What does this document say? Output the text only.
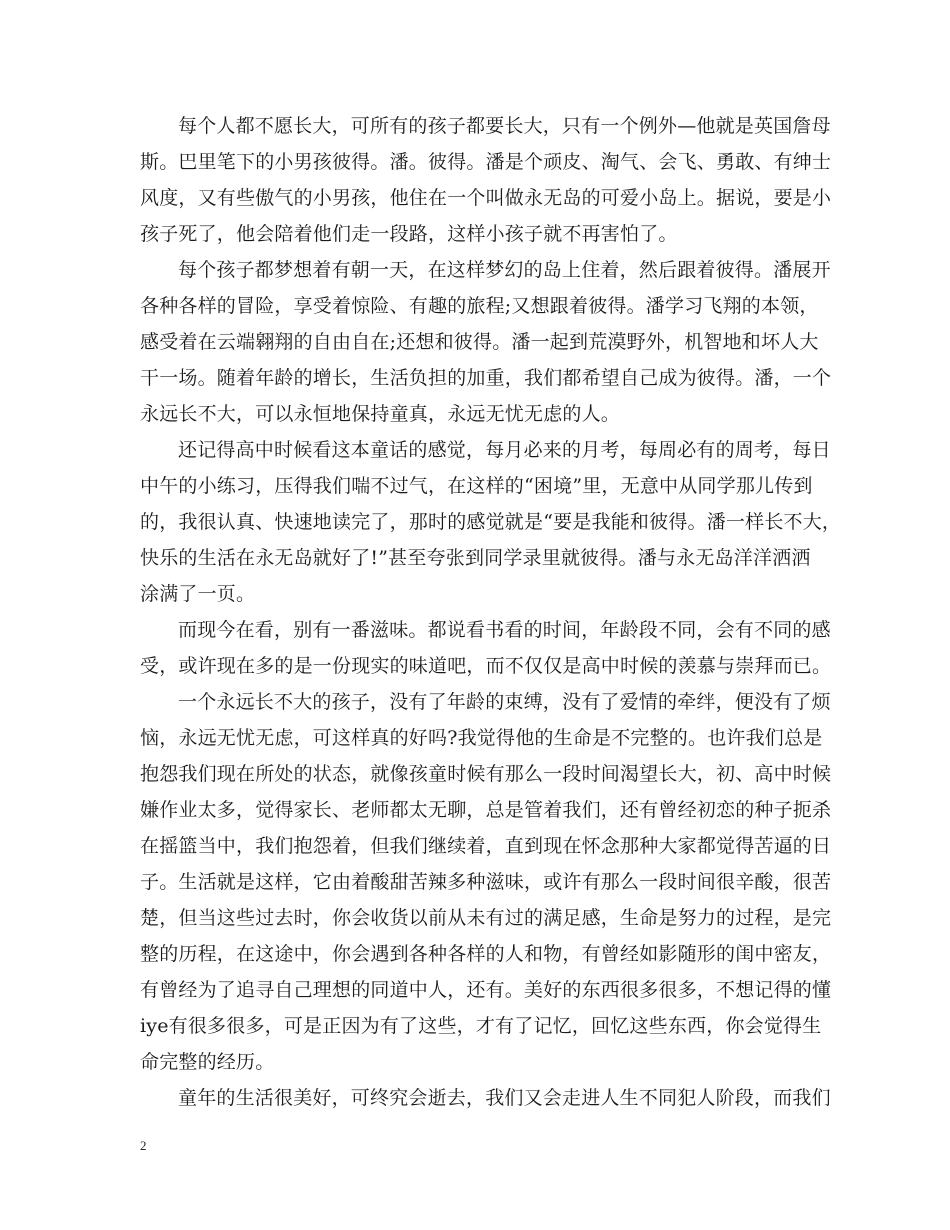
每个人都不愿长大，可所有的孩子都要长大，只有一个例外—他就是英国詹母
斯。巴里笔下的小男孩彼得。潘。彼得。潘是个顽皮、淘气、会飞、勇敢、有绅士
风度，又有些傲气的小男孩，他住在一个叫做永无岛的可爱小岛上。据说，要是小
孩子死了，他会陪着他们走一段路，这样小孩子就不再害怕了。
每个孩子都梦想着有朝一天，在这样梦幻的岛上住着，然后跟着彼得。潘展开
各种各样的冒险，享受着惊险、有趣的旅程;又想跟着彼得。潘学习飞翔的本领，
感受着在云端翱翔的自由自在;还想和彼得。潘一起到荒漠野外，机智地和坏人大
干一场。随着年龄的增长，生活负担的加重，我们都希望自己成为彼得。潘，一个
永远长不大，可以永恒地保持童真，永远无忧无虑的人。
还记得高中时候看这本童话的感觉，每月必来的月考，每周必有的周考，每日
中午的小练习，压得我们喘不过气，在这样的“困境”里，无意中从同学那儿传到
的，我很认真、快速地读完了，那时的感觉就是“要是我能和彼得。潘一样长不大，
快乐的生活在永无岛就好了!”甚至夸张到同学录里就彼得。潘与永无岛洋洋洒洒
涂满了一页。
而现今在看，别有一番滋味。都说看书看的时间，年龄段不同，会有不同的感
受，或许现在多的是一份现实的味道吧，而不仅仅是高中时候的羡慕与崇拜而已。
一个永远长不大的孩子，没有了年龄的束缚，没有了爱情的牵绊，便没有了烦
恼，永远无忧无虑，可这样真的好吗?我觉得他的生命是不完整的。也许我们总是
抱怨我们现在所处的状态，就像孩童时候有那么一段时间渴望长大，初、高中时候
嫌作业太多，觉得家长、老师都太无聊，总是管着我们，还有曾经初恋的种子扼杀
在摇篮当中，我们抱怨着，但我们继续着，直到现在怀念那种大家都觉得苦逼的日
子。生活就是这样，它由着酸甜苦辣多种滋味，或许有那么一段时间很辛酸，很苦
楚，但当这些过去时，你会收货以前从未有过的满足感，生命是努力的过程，是完
整的历程，在这途中，你会遇到各种各样的人和物，有曾经如影随形的闺中密友，
有曾经为了追寻自己理想的同道中人，还有。美好的东西很多很多，不想记得的懂
iye有很多很多，可是正因为有了这些，才有了记忆，回忆这些东西，你会觉得生
命完整的经历。
童年的生活很美好，可终究会逝去，我们又会走进人生不同犯人阶段，而我们
2
